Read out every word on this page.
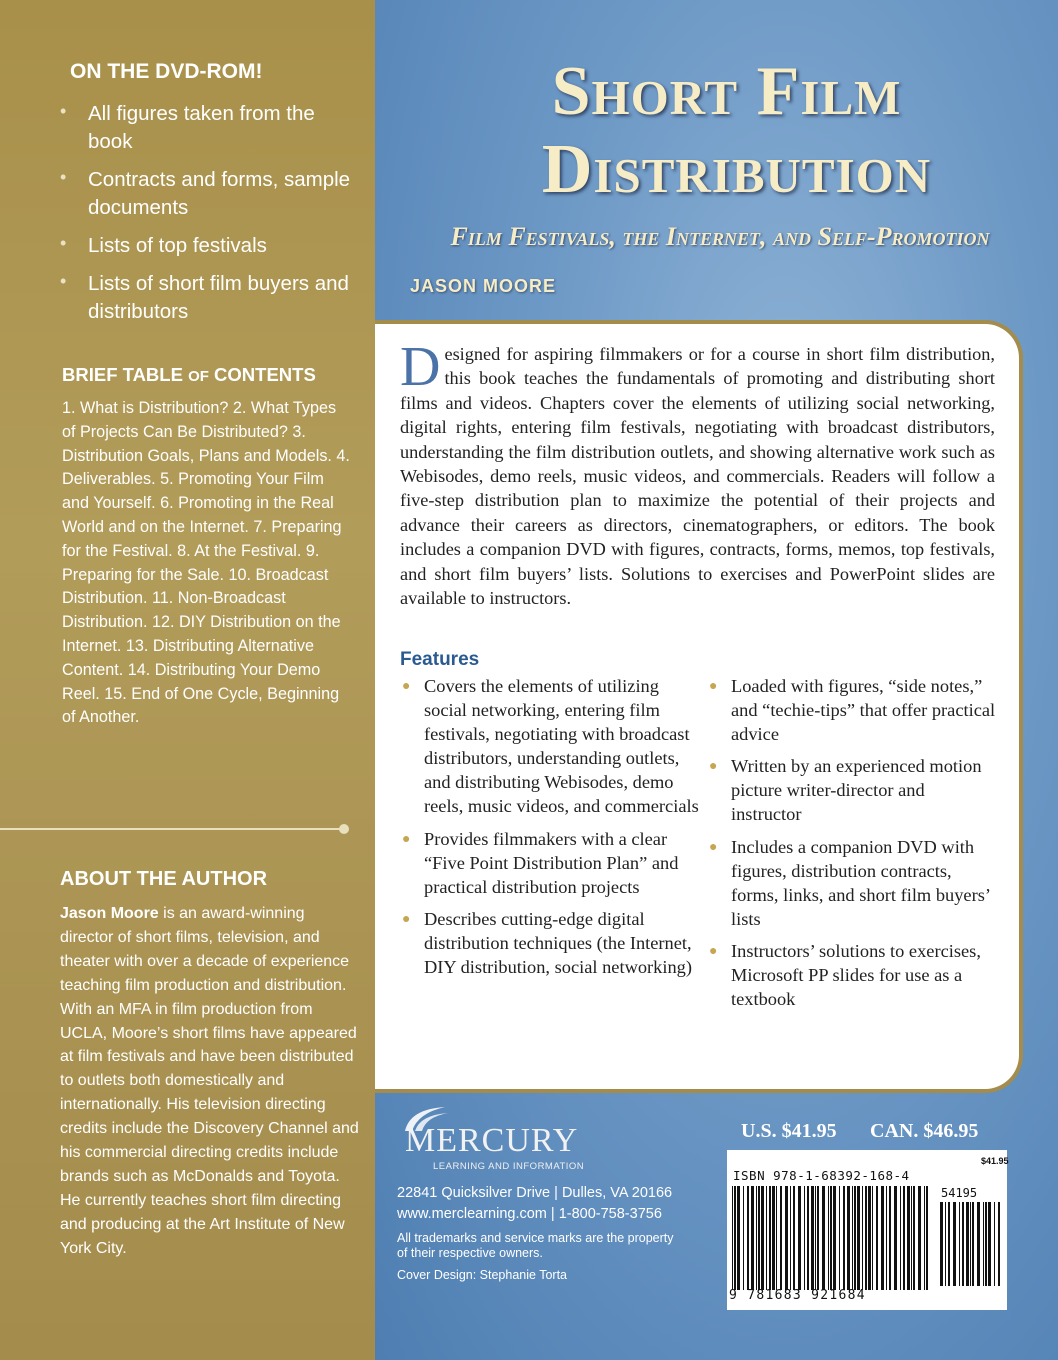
ON THE DVD-ROM!
• All figures taken from the book
• Contracts and forms, sample documents
• Lists of top festivals
• Lists of short film buyers and distributors
BRIEF TABLE OF CONTENTS

1. What is Distribution? 2. What Types of Projects Can Be Distributed? 3. Distribution Goals, Plans and Models. 4. Deliverables. 5. Promoting Your Film and Yourself. 6. Promoting in the Real World and on the Internet. 7. Preparing for the Festival. 8. At the Festival. 9. Preparing for the Sale. 10. Broadcast Distribution. 11. Non-Broadcast Distribution. 12. DIY Distribution on the Internet. 13. Distributing Alternative Content. 14. Distributing Your Demo Reel. 15. End of One Cycle, Beginning of Another.

ABOUT THE AUTHOR

Jason Moore is an award-winning director of short films, television, and theater with over a decade of experience teaching film production and distribution. With an MFA in film production from UCLA, Moore’s short films have appeared at film festivals and have been distributed to outlets both domestically and internationally. His television directing credits include the Discovery Channel and his commercial directing credits include brands such as McDonalds and Toyota. He currently teaches short film directing and producing at the Art Institute of New York City.

Short Film
Distribution
Film Festivals, the Internet, and Self-Promotion
JASON MOORE

Designed for aspiring filmmakers or for a course in short film distribution, this book teaches the fundamentals of promoting and distributing short films and videos. Chapters cover the elements of utilizing social networking, digital rights, entering film festivals, negotiating with broadcast distributors, understanding the film distribution outlets, and showing alternative work such as Webisodes, demo reels, music videos, and commercials. Readers will follow a five-step distribution plan to maximize the potential of their projects and advance their careers as directors, cinematographers, or editors. The book includes a companion DVD with figures, contracts, forms, memos, top festivals, and short film buyers’ lists. Solutions to exercises and PowerPoint slides are available to instructors.

Features
● Covers the elements of utilizing social networking, entering film festivals, negotiating with broadcast distributors, understanding outlets, and distributing Webisodes, demo reels, music videos, and commercials
● Provides filmmakers with a clear “Five Point Distribution Plan” and practical distribution projects
● Describes cutting-edge digital distribution techniques (the Internet, DIY distribution, social networking)
● Loaded with figures, “side notes,” and “techie-tips” that offer practical advice
● Written by an experienced motion picture writer-director and instructor
● Includes a companion DVD with figures, distribution contracts, forms, links, and short film buyers’ lists
● Instructors’ solutions to exercises, Microsoft PP slides for use as a textbook
MERCURY
LEARNING AND INFORMATION
22841 Quicksilver Drive | Dulles, VA 20166
www.merclearning.com | 1-800-758-3756
All trademarks and service marks are the property of their respective owners.
Cover Design: Stephanie Torta
U.S. $41.95 CAN. $46.95
$41.95
ISBN 978-1-68392-168-4
54195
9 781683 921684
